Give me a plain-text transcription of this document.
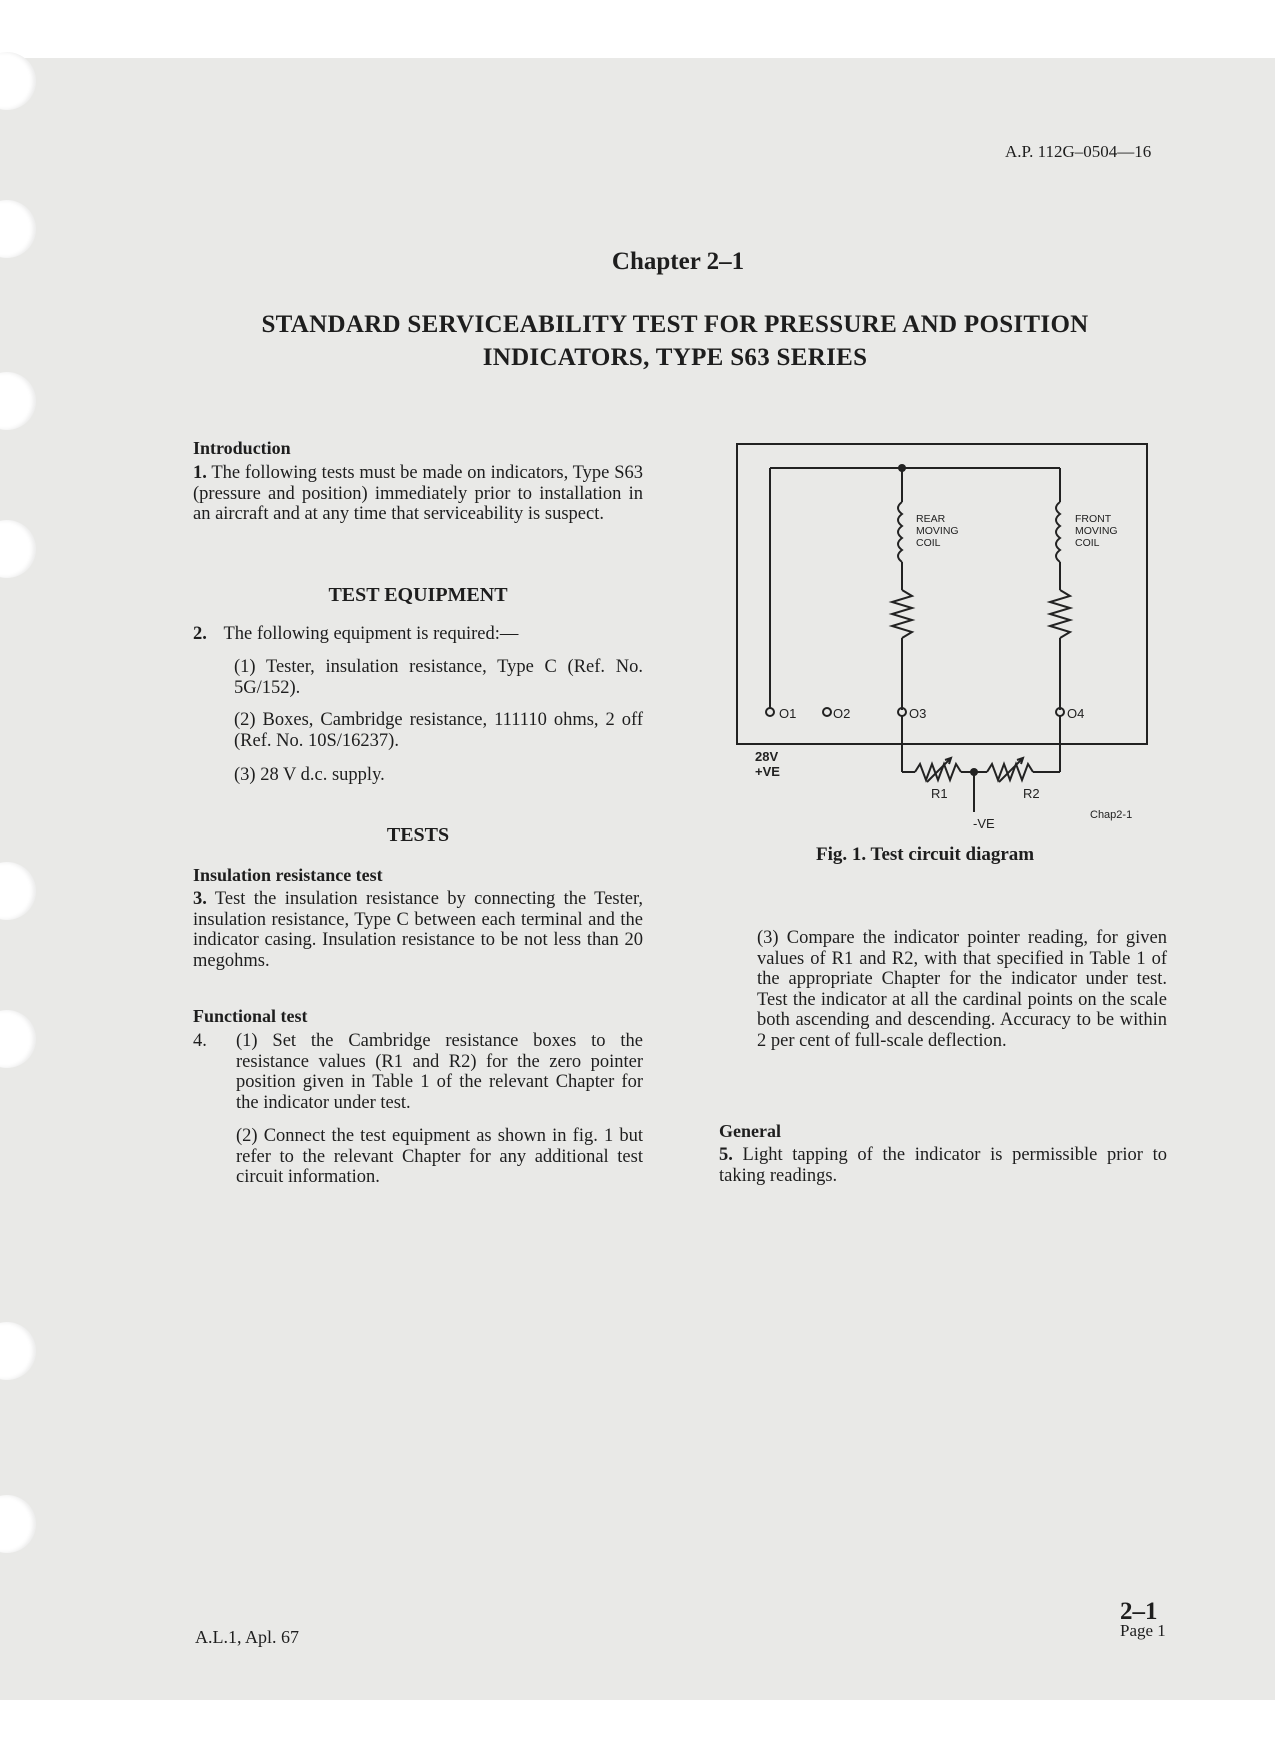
A.P. 112G–0504—16
Chapter 2–1
STANDARD SERVICEABILITY TEST FOR PRESSURE AND POSITION
INDICATORS, TYPE S63 SERIES
Introduction
1. The following tests must be made on indicators, Type S63 (pressure and position) immediately prior to installation in an aircraft and at any time that serviceability is suspect.
TEST EQUIPMENT
2. The following equipment is required:—
(1) Tester, insulation resistance, Type C (Ref. No. 5G/152).
(2) Boxes, Cambridge resistance, 111110 ohms, 2 off (Ref. No. 10S/16237).
(3) 28 V d.c. supply.
TESTS
Insulation resistance test
3. Test the insulation resistance by connecting the Tester, insulation resistance, Type C between each terminal and the indicator casing. Insulation resistance to be not less than 20 megohms.
Functional test
4. (1) Set the Cambridge resistance boxes to the resistance values (R1 and R2) for the zero pointer position given in Table 1 of the relevant Chapter for the indicator under test.
(2) Connect the test equipment as shown in fig. 1 but refer to the relevant Chapter for any additional test circuit information.
REAR
MOVING
COIL
FRONT
MOVING
COIL
O1	O2	O3	O4
28V
+VE
R1	R2
-VE
Chap2-1
Fig. 1. Test circuit diagram
(3) Compare the indicator pointer reading, for given values of R1 and R2, with that specified in Table 1 of the appropriate Chapter for the indicator under test. Test the indicator at all the cardinal points on the scale both ascending and descending. Accuracy to be within 2 per cent of full-scale deflection.
General
5. Light tapping of the indicator is permissible prior to taking readings.
A.L.1, Apl. 67
2–1
Page 1
